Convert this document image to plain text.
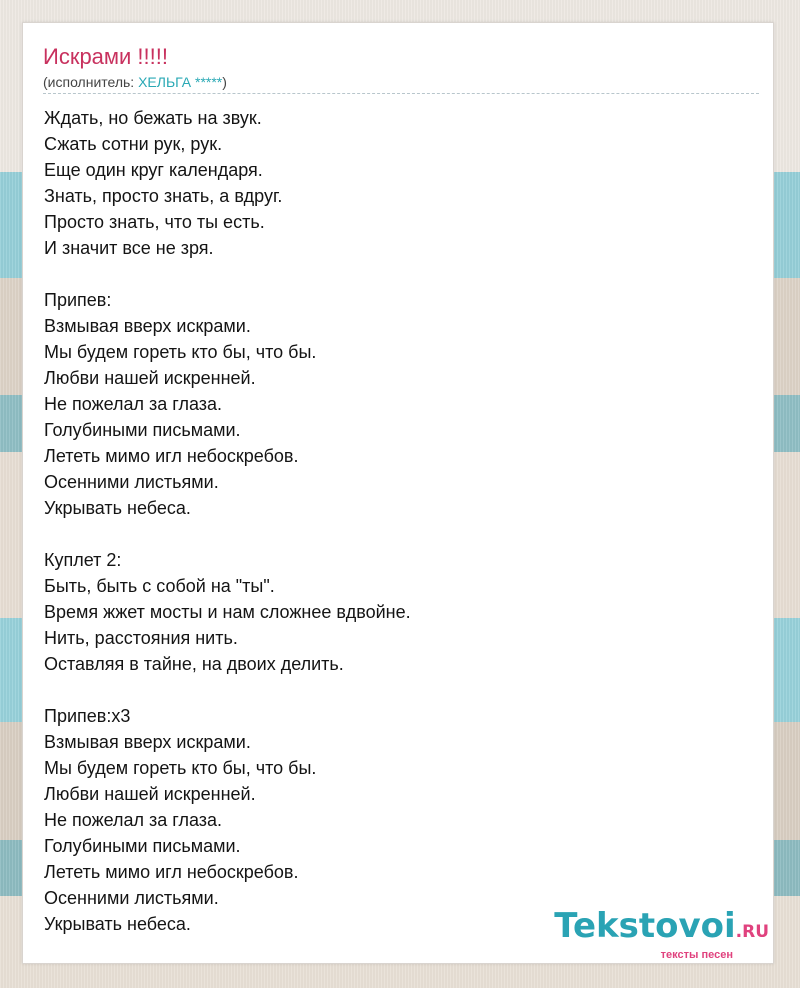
Искрами !!!!!
(исполнитель: ХЕЛЬГА *****)
Ждать, но бежать на звук.
Сжать сотни рук, рук.
Еще один круг календаря.
Знать, просто знать, а вдруг.
Просто знать, что ты есть.
И значит все не зря.
Припев:
Взмывая вверх искрами.
Мы будем гореть кто бы, что бы.
Любви нашей искренней.
Не пожелал за глаза.
Голубиными письмами.
Лететь мимо игл небоскребов.
Осенними листьями.
Укрывать небеса.
Куплет 2:
Быть, быть с собой на "ты".
Время жжет мосты и нам сложнее вдвойне.
Нить, расстояния нить.
Оставляя в тайне, на двоих делить.
Припев:x3
Взмывая вверх искрами.
Мы будем гореть кто бы, что бы.
Любви нашей искренней.
Не пожелал за глаза.
Голубиными письмами.
Лететь мимо игл небоскребов.
Осенними листьями.
Укрывать небеса.	Tekstovoi.RU
тексты песен
